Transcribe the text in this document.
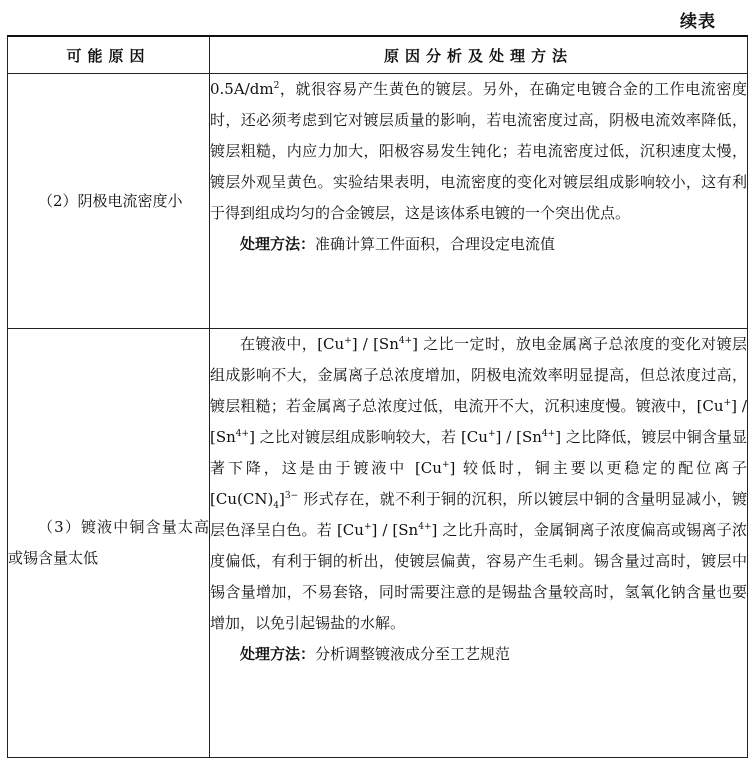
续表
可能原因	原因分析及处理方法
（2）阴极电流密度小	$0.5A/dm^2$，就很容易产生黄色的镀层。另外，在确定电镀合金的工作电流密度时，还必须考虑到它对镀层质量的影响，若电流密度过高，阴极电流效率降低，镀层粗糙，内应力加大，阳极容易发生钝化；若电流密度过低，沉积速度太慢，镀层外观呈黄色。实验结果表明，电流密度的变化对镀层组成影响较小，这有利于得到组成均匀的合金镀层，这是该体系电镀的一个突出优点。

处理方法：准确计算工件面积，合理设定电流值

（3）镀液中铜含量太高或锡含量太低	在镀液中，$[Cu^+] / [Sn^{4+}]$ 之比一定时，放电金属离子总浓度的变化对镀层组成影响不大，金属离子总浓度增加，阴极电流效率明显提高，但总浓度过高，镀层粗糙；若金属离子总浓度过低，电流开不大，沉积速度慢。镀液中，$[Cu^+] / [Sn^{4+}]$ 之比对镀层组成影响较大，若 $[Cu^+] / [Sn^{4+}]$ 之比降低，镀层中铜含量显著下降，这是由于镀液中 [Cu+] 较低时，铜主要以更稳定的配位离子 $[Cu(CN)_4]^{3-}$ 形式存在，就不利于铜的沉积，所以镀层中铜的含量明显减小，镀层色泽呈白色。若 $[Cu^+] / [Sn^{4+}]$ 之比升高时，金属铜离子浓度偏高或锡离子浓度偏低，有利于铜的析出，使镀层偏黄，容易产生毛刺。锡含量过高时，镀层中锡含量增加，不易套铬，同时需要注意的是锡盐含量较高时，氢氧化钠含量也要增加，以免引起锡盐的水解。

处理方法：分析调整镀液成分至工艺规范
